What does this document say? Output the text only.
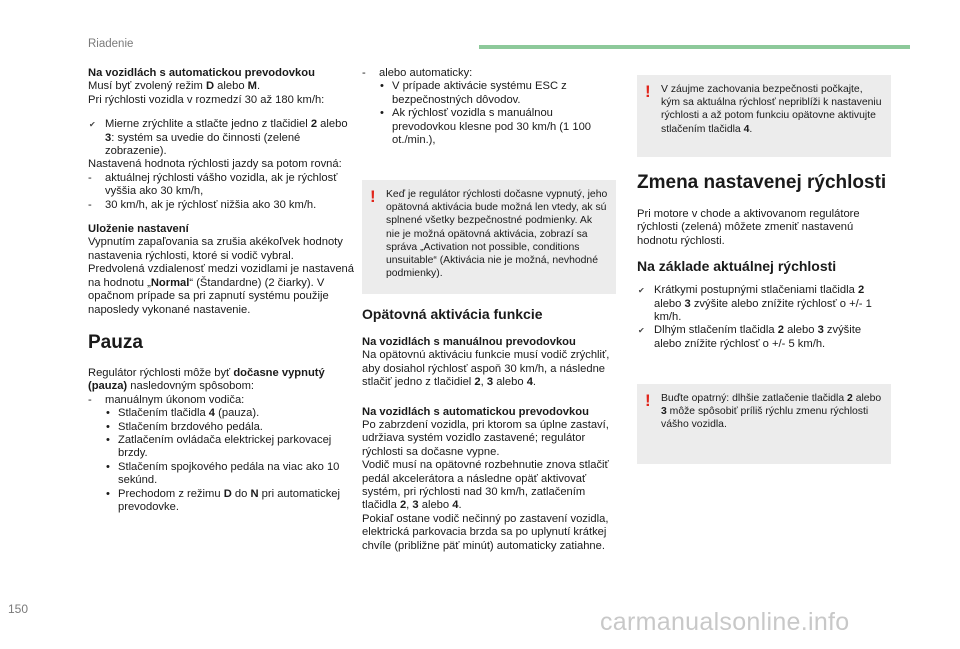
Riadenie

Na vozidlách s automatickou prevodovkou

Musí byť zvolený režim D alebo M.

Pri rýchlosti vozidla v rozmedzí 30 až 180 km/h:

✔ Mierne zrýchlite a stlačte jedno z tlačidiel 2 alebo 3: systém sa uvedie do činnosti (zelené zobrazenie).

Nastavená hodnota rýchlosti jazdy sa potom rovná:

- aktuálnej rýchlosti vášho vozidla, ak je rýchlosť vyššia ako 30 km/h,

- 30 km/h, ak je rýchlosť nižšia ako 30 km/h.

Uloženie nastavení

Vypnutím zapaľovania sa zrušia akékoľvek hodnoty nastavenia rýchlosti, ktoré si vodič vybral.

Predvolená vzdialenosť medzi vozidlami je nastavená na hodnotu „Normal“ (Štandardne) (2 čiarky). V opačnom prípade sa pri zapnutí systému použije naposledy vykonané nastavenie.

Pauza

Regulátor rýchlosti môže byť dočasne vypnutý (pauza) nasledovným spôsobom:

- manuálnym úkonom vodiča:

• Stlačením tlačidla 4 (pauza).

• Stlačením brzdového pedála.

• Zatlačením ovládača elektrickej parkovacej brzdy.

• Stlačením spojkového pedála na viac ako 10 sekúnd.

• Prechodom z režimu D do N pri automatickej prevodovke.

- alebo automaticky:

• V prípade aktivácie systému ESC z bezpečnostných dôvodov.

• Ak rýchlosť vozidla s manuálnou prevodovkou klesne pod 30 km/h (1 100 ot./min.),

! Keď je regulátor rýchlosti dočasne vypnutý, jeho opätovná aktivácia bude možná len vtedy, ak sú splnené všetky bezpečnostné podmienky. Ak nie je možná opätovná aktivácia, zobrazí sa správa „Activation not possible, conditions unsuitable“ (Aktivácia nie je možná, nevhodné podmienky).

Opätovná aktivácia funkcie

Na vozidlách s manuálnou prevodovkou

Na opätovnú aktiváciu funkcie musí vodič zrýchliť, aby dosiahol rýchlosť aspoň 30 km/h, a následne stlačiť jedno z tlačidiel 2, 3 alebo 4.

Na vozidlách s automatickou prevodovkou

Po zabrzdení vozidla, pri ktorom sa úplne zastaví, udržiava systém vozidlo zastavené; regulátor rýchlosti sa dočasne vypne.

Vodič musí na opätovné rozbehnutie znova stlačiť pedál akcelerátora a následne opäť aktivovať systém, pri rýchlosti nad 30 km/h, zatlačením tlačidla 2, 3 alebo 4.

Pokiaľ ostane vodič nečinný po zastavení vozidla, elektrická parkovacia brzda sa po uplynutí krátkej chvíle (približne päť minút) automaticky zatiahne.

! V záujme zachovania bezpečnosti počkajte, kým sa aktuálna rýchlosť nepriblíži k nastaveniu rýchlosti a až potom funkciu opätovne aktivujte stlačením tlačidla 4.

Zmena nastavenej rýchlosti

Pri motore v chode a aktivovanom regulátore rýchlosti (zelená) môžete zmeniť nastavenú hodnotu rýchlosti.

Na základe aktuálnej rýchlosti

✔ Krátkymi postupnými stlačeniami tlačidla 2 alebo 3 zvýšite alebo znížite rýchlosť o +/- 1 km/h.

✔ Dlhým stlačením tlačidla 2 alebo 3 zvýšite alebo znížite rýchlosť o +/- 5 km/h.

! Buďte opatrný: dlhšie zatlačenie tlačidla 2 alebo 3 môže spôsobiť príliš rýchlu zmenu rýchlosti vášho vozidla.

150	carmanualsonline.info
